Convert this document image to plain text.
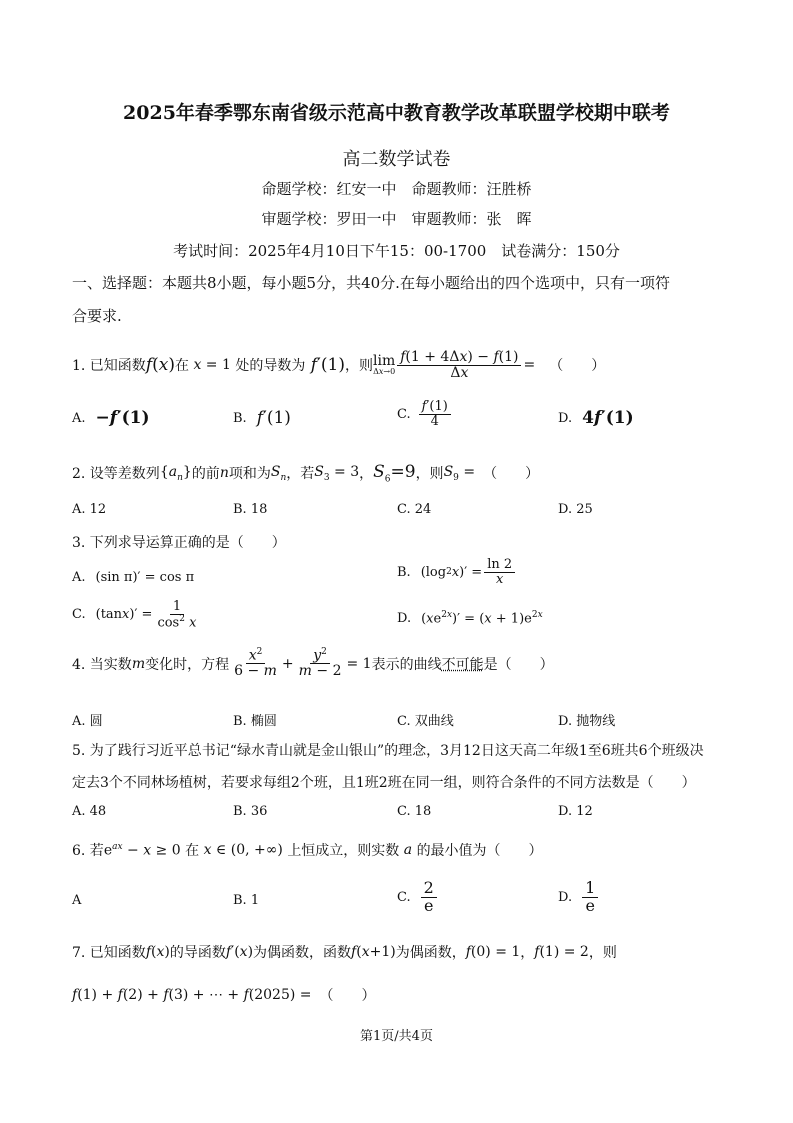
2025年春季鄂东南省级示范高中教育教学改革联盟学校期中联考
高二数学试卷
命题学校：红安一中　命题教师：汪胜桥
审题学校：罗田一中　审题教师：张　晖
考试时间：2025年4月10日下午15：00-1700　试卷满分：150分
一、选择题：本题共8小题，每小题5分，共40分.在每小题给出的四个选项中，只有一项符
合要求.
1. 已知函数 f(x) 在 x = 1 处的导数为 f′(1) ，则 lim
$\Delta x\to 0 \frac{f(1 + 4\Delta x) - f(1)}{\Delta x}$ = （　　）
A. −f′(1)	B. f′(1)	C. $\frac{f'(1)}{4}$	D. 4f′(1)
2. 设等差数列 $\{a_n\}$ 的前 n 项和为 $S_n$ ，若 $S_3 = 3$ ， $S_6=9$ ，则 $S_9$ = （　　）
A. 12	B. 18	C. 24	D. 25
3. 下列求导运算正确的是（　　）
A. (sin π)′ = cos π	B. (log 2 x )′ = $\frac{\ln 2}{x}$
C. (tan x )′ = $\frac{1}{\cos^2 x}$	D. $(xe^{2x})' = (x + 1)e^{2x}$
4. 当实数 m 变化时，方程 $\frac{x^2}{6 - m} + \frac{y^2}{m - 2} = 1$ 表示的曲线 不可能 是（　　）
A. 圆	B. 椭圆	C. 双曲线	D. 抛物线
5. 为了践行习近平总书记“绿水青山就是金山银山”的理念，3月12日这天高二年级1至6班共6个班级决
定去3个不同林场植树，若要求每组2个班，且1班2班在同一组，则符合条件的不同方法数是（　　）
A. 48	B. 36	C. 18	D. 12
6. 若 $e^{ax} - x \ge 0$ 在 x ∈ (0, +∞) 上恒成立，则实数 a 的最小值为（　　）
A	B. 1	C. $\frac{2}{e}$	D. $\frac{1}{e}$
7. 已知函数 f(x) 的导函数 f′(x) 为偶函数，函数 f(x+1) 为偶函数， f(0) = 1 ， f(1) = 2 ，则
f(1) + f(2) + f(3) + ⋯ + f(2025) = （　　）
第1页/共4页
